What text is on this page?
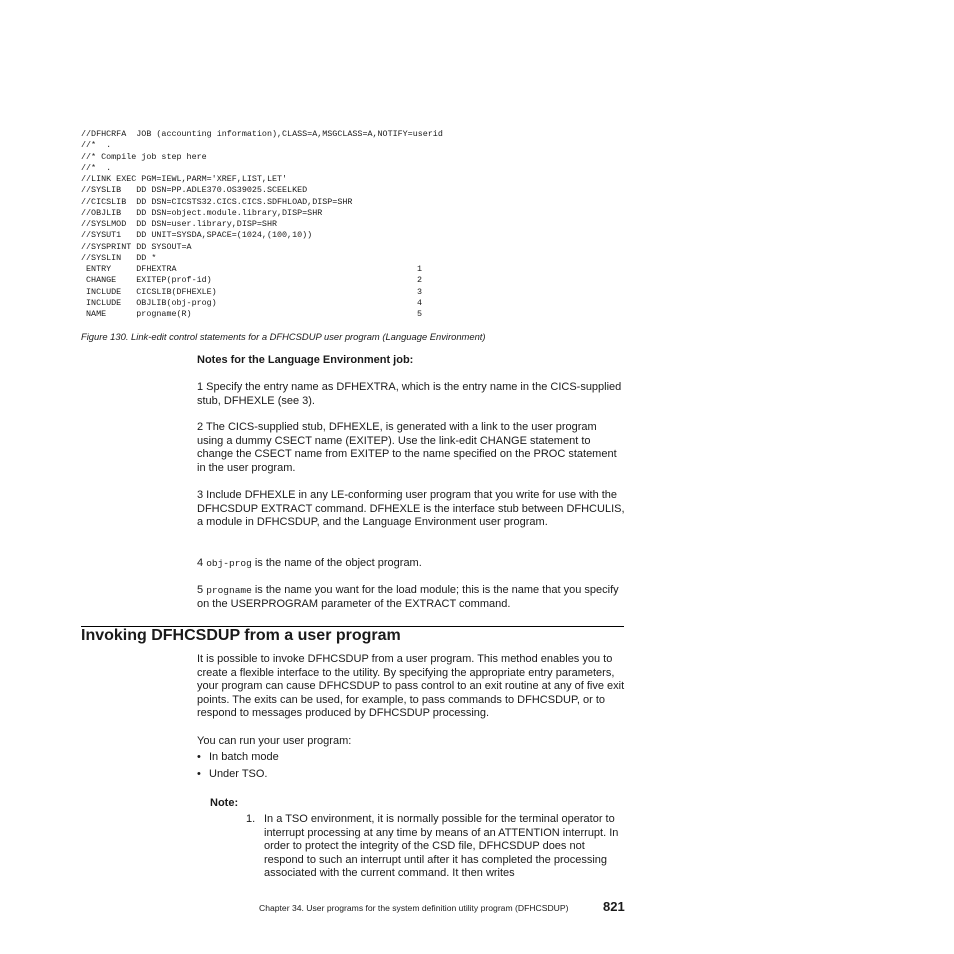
//DFHCRFA  JOB (accounting information),CLASS=A,MSGCLASS=A,NOTIFY=userid
//*  .
//* Compile job step here
//*  .
//LINK EXEC PGM=IEWL,PARM='XREF,LIST,LET'
//SYSLIB   DD DSN=PP.ADLE370.OS39025.SCEELKED
//CICSLIB  DD DSN=CICSTS32.CICS.CICS.SDFHLOAD,DISP=SHR
//OBJLIB   DD DSN=object.module.library,DISP=SHR
//SYSLMOD  DD DSN=user.library,DISP=SHR
//SYSUT1   DD UNIT=SYSDA,SPACE=(1024,(100,10))
//SYSPRINT DD SYSOUT=A
//SYSLIN   DD *
ENTRY     DFHEXTRA	1
CHANGE    EXITEP(prof-id)	2
INCLUDE   CICSLIB(DFHEXLE)	3
INCLUDE   OBJLIB(obj-prog)	4
NAME      progname(R)	5
Figure 130. Link-edit control statements for a DFHCSDUP user program (Language Environment)
Notes for the Language Environment job:
1 Specify the entry name as DFHEXTRA, which is the entry name in the CICS-supplied stub, DFHEXLE (see 3).
2 The CICS-supplied stub, DFHEXLE, is generated with a link to the user program using a dummy CSECT name (EXITEP). Use the link-edit CHANGE statement to change the CSECT name from EXITEP to the name specified on the PROC statement in the user program.
3 Include DFHEXLE in any LE-conforming user program that you write for use with the DFHCSDUP EXTRACT command. DFHEXLE is the interface stub between DFHCULIS, a module in DFHCSDUP, and the Language Environment user program.
4 obj-prog is the name of the object program.
5 progname is the name you want for the load module; this is the name that you specify on the USERPROGRAM parameter of the EXTRACT command.
Invoking DFHCSDUP from a user program
It is possible to invoke DFHCSDUP from a user program. This method enables you to create a flexible interface to the utility. By specifying the appropriate entry parameters, your program can cause DFHCSDUP to pass control to an exit routine at any of five exit points. The exits can be used, for example, to pass commands to DFHCSDUP, or to respond to messages produced by DFHCSDUP processing.
You can run your user program:
• In batch mode
• Under TSO.
Note:
1. In a TSO environment, it is normally possible for the terminal operator to interrupt processing at any time by means of an ATTENTION interrupt. In order to protect the integrity of the CSD file, DFHCSDUP does not respond to such an interrupt until after it has completed the processing associated with the current command. It then writes
Chapter 34. User programs for the system definition utility program (DFHCSDUP)	821
